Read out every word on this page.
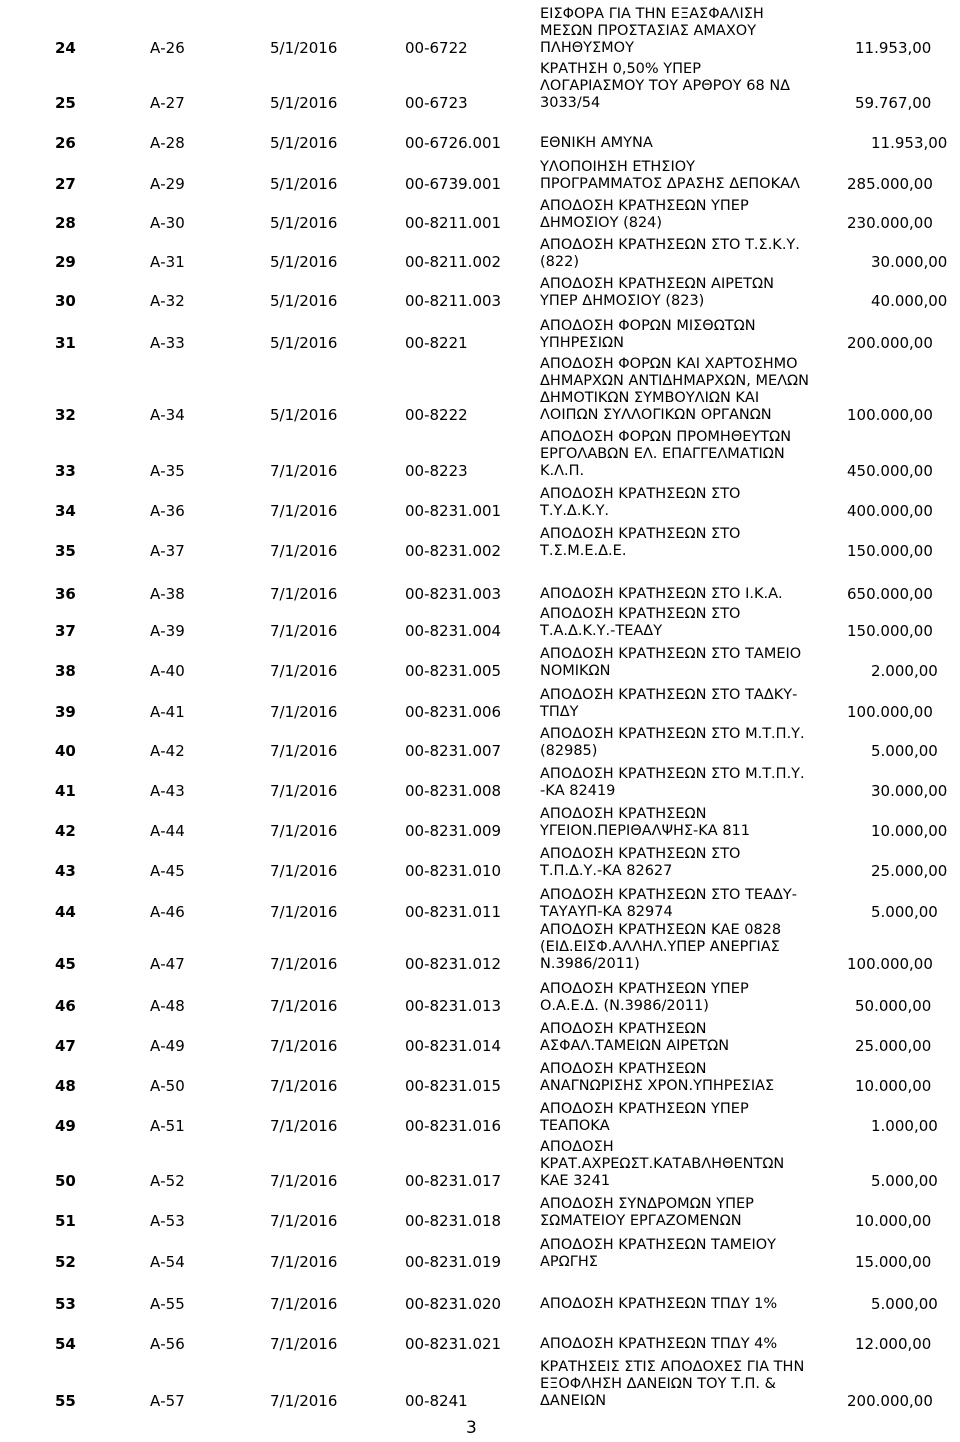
24	Α-26	5/1/2016	00-6722
ΕΙΣΦΟΡΑ ΓΙΑ ΤΗΝ ΕΞΑΣΦΑΛΙΣΗ
ΜΕΣΩΝ ΠΡΟΣΤΑΣΙΑΣ ΑΜΑΧΟΥ
ΠΛΗΘΥΣΜΟΥ	11.953,00
25	Α-27	5/1/2016	00-6723
ΚΡΑΤΗΣΗ 0,50% ΥΠΕΡ
ΛΟΓΑΡΙΑΣΜΟΥ ΤΟΥ ΑΡΘΡΟΥ 68 ΝΔ
3033/54	59.767,00
26	Α-28	5/1/2016	00-6726.001	ΕΘΝΙΚΗ ΑΜΥΝΑ	11.953,00
27	Α-29	5/1/2016	00-6739.001
ΥΛΟΠΟΙΗΣΗ ΕΤΗΣΙΟΥ
ΠΡΟΓΡΑΜΜΑΤΟΣ ΔΡΑΣΗΣ ΔΕΠΟΚΑΛ	285.000,00
28	Α-30	5/1/2016	00-8211.001
ΑΠΟΔΟΣΗ ΚΡΑΤΗΣΕΩΝ ΥΠΕΡ
ΔΗΜΟΣΙΟΥ (824)	230.000,00
29	Α-31	5/1/2016	00-8211.002
ΑΠΟΔΟΣΗ ΚΡΑΤΗΣΕΩΝ ΣΤΟ Τ.Σ.Κ.Υ.
(822)	30.000,00
30	Α-32	5/1/2016	00-8211.003
ΑΠΟΔΟΣΗ ΚΡΑΤΗΣΕΩΝ ΑΙΡΕΤΩΝ
ΥΠΕΡ ΔΗΜΟΣΙΟΥ (823)	40.000,00
31	Α-33	5/1/2016	00-8221
ΑΠΟΔΟΣΗ ΦΟΡΩΝ ΜΙΣΘΩΤΩΝ
ΥΠΗΡΕΣΙΩΝ	200.000,00
32	Α-34	5/1/2016	00-8222
ΑΠΟΔΟΣΗ ΦΟΡΩΝ ΚΑΙ ΧΑΡΤΟΣΗΜΟ
ΔΗΜΑΡΧΩΝ ΑΝΤΙΔΗΜΑΡΧΩΝ, ΜΕΛΩΝ
ΔΗΜΟΤΙΚΩΝ ΣΥΜΒΟΥΛΙΩΝ ΚΑΙ
ΛΟΙΠΩΝ ΣΥΛΛΟΓΙΚΩΝ ΟΡΓΑΝΩΝ	100.000,00
33	Α-35	7/1/2016	00-8223
ΑΠΟΔΟΣΗ ΦΟΡΩΝ ΠΡΟΜΗΘΕΥΤΩΝ
ΕΡΓΟΛΑΒΩΝ ΕΛ. ΕΠΑΓΓΕΛΜΑΤΙΩΝ
Κ.Λ.Π.	450.000,00
34	Α-36	7/1/2016	00-8231.001
ΑΠΟΔΟΣΗ ΚΡΑΤΗΣΕΩΝ ΣΤΟ
Τ.Υ.Δ.Κ.Υ.	400.000,00
35	Α-37	7/1/2016	00-8231.002
ΑΠΟΔΟΣΗ ΚΡΑΤΗΣΕΩΝ ΣΤΟ
Τ.Σ.Μ.Ε.Δ.Ε.	150.000,00
36	Α-38	7/1/2016	00-8231.003	ΑΠΟΔΟΣΗ ΚΡΑΤΗΣΕΩΝ ΣΤΟ Ι.Κ.Α.	650.000,00
37	Α-39	7/1/2016	00-8231.004
ΑΠΟΔΟΣΗ ΚΡΑΤΗΣΕΩΝ ΣΤΟ
Τ.Α.Δ.Κ.Υ.-ΤΕΑΔΥ	150.000,00
38	Α-40	7/1/2016	00-8231.005
ΑΠΟΔΟΣΗ ΚΡΑΤΗΣΕΩΝ ΣΤΟ ΤΑΜΕΙΟ
ΝΟΜΙΚΩΝ	2.000,00
39	Α-41	7/1/2016	00-8231.006
ΑΠΟΔΟΣΗ ΚΡΑΤΗΣΕΩΝ ΣΤΟ ΤΑΔΚΥ-
ΤΠΔΥ	100.000,00
40	Α-42	7/1/2016	00-8231.007
ΑΠΟΔΟΣΗ ΚΡΑΤΗΣΕΩΝ ΣΤΟ Μ.Τ.Π.Υ.
(82985)	5.000,00
41	Α-43	7/1/2016	00-8231.008
ΑΠΟΔΟΣΗ ΚΡΑΤΗΣΕΩΝ ΣΤΟ Μ.Τ.Π.Υ.
-ΚΑ 82419	30.000,00
42	Α-44	7/1/2016	00-8231.009
ΑΠΟΔΟΣΗ ΚΡΑΤΗΣΕΩΝ
ΥΓΕΙΟΝ.ΠΕΡΙΘΑΛΨΗΣ-ΚΑ 811	10.000,00
43	Α-45	7/1/2016	00-8231.010
ΑΠΟΔΟΣΗ ΚΡΑΤΗΣΕΩΝ ΣΤΟ
Τ.Π.Δ.Υ.-ΚΑ 82627	25.000,00
44	Α-46	7/1/2016	00-8231.011
ΑΠΟΔΟΣΗ ΚΡΑΤΗΣΕΩΝ ΣΤΟ ΤΕΑΔΥ-
ΤΑΥΑΥΠ-ΚΑ 82974	5.000,00
45	Α-47	7/1/2016	00-8231.012
ΑΠΟΔΟΣΗ ΚΡΑΤΗΣΕΩΝ ΚΑΕ 0828
(ΕΙΔ.ΕΙΣΦ.ΑΛΛΗΛ.ΥΠΕΡ ΑΝΕΡΓΙΑΣ
Ν.3986/2011)	100.000,00
46	Α-48	7/1/2016	00-8231.013
ΑΠΟΔΟΣΗ ΚΡΑΤΗΣΕΩΝ ΥΠΕΡ
Ο.Α.Ε.Δ. (Ν.3986/2011)	50.000,00
47	Α-49	7/1/2016	00-8231.014
ΑΠΟΔΟΣΗ ΚΡΑΤΗΣΕΩΝ
ΑΣΦΑΛ.ΤΑΜΕΙΩΝ ΑΙΡΕΤΩΝ	25.000,00
48	Α-50	7/1/2016	00-8231.015
ΑΠΟΔΟΣΗ ΚΡΑΤΗΣΕΩΝ
ΑΝΑΓΝΩΡΙΣΗΣ ΧΡΟΝ.ΥΠΗΡΕΣΙΑΣ	10.000,00
49	Α-51	7/1/2016	00-8231.016
ΑΠΟΔΟΣΗ ΚΡΑΤΗΣΕΩΝ ΥΠΕΡ
ΤΕΑΠΟΚΑ	1.000,00
50	Α-52	7/1/2016	00-8231.017
ΑΠΟΔΟΣΗ
ΚΡΑΤ.ΑΧΡΕΩΣΤ.ΚΑΤΑΒΛΗΘΕΝΤΩΝ
ΚΑΕ 3241	5.000,00
51	Α-53	7/1/2016	00-8231.018
ΑΠΟΔΟΣΗ ΣΥΝΔΡΟΜΩΝ ΥΠΕΡ
ΣΩΜΑΤΕΙΟΥ ΕΡΓΑΖΟΜΕΝΩΝ	10.000,00
52	Α-54	7/1/2016	00-8231.019
ΑΠΟΔΟΣΗ ΚΡΑΤΗΣΕΩΝ ΤΑΜΕΙΟΥ
ΑΡΩΓΗΣ	15.000,00
53	Α-55	7/1/2016	00-8231.020	ΑΠΟΔΟΣΗ ΚΡΑΤΗΣΕΩΝ ΤΠΔΥ 1%	5.000,00
54	Α-56	7/1/2016	00-8231.021	ΑΠΟΔΟΣΗ ΚΡΑΤΗΣΕΩΝ ΤΠΔΥ 4%	12.000,00
55	Α-57	7/1/2016	00-8241
ΚΡΑΤΗΣΕΙΣ ΣΤΙΣ ΑΠΟΔΟΧΕΣ ΓΙΑ ΤΗΝ
ΕΞΟΦΛΗΣΗ ΔΑΝΕΙΩΝ ΤΟΥ Τ.Π. &
ΔΑΝΕΙΩΝ	200.000,00
3
